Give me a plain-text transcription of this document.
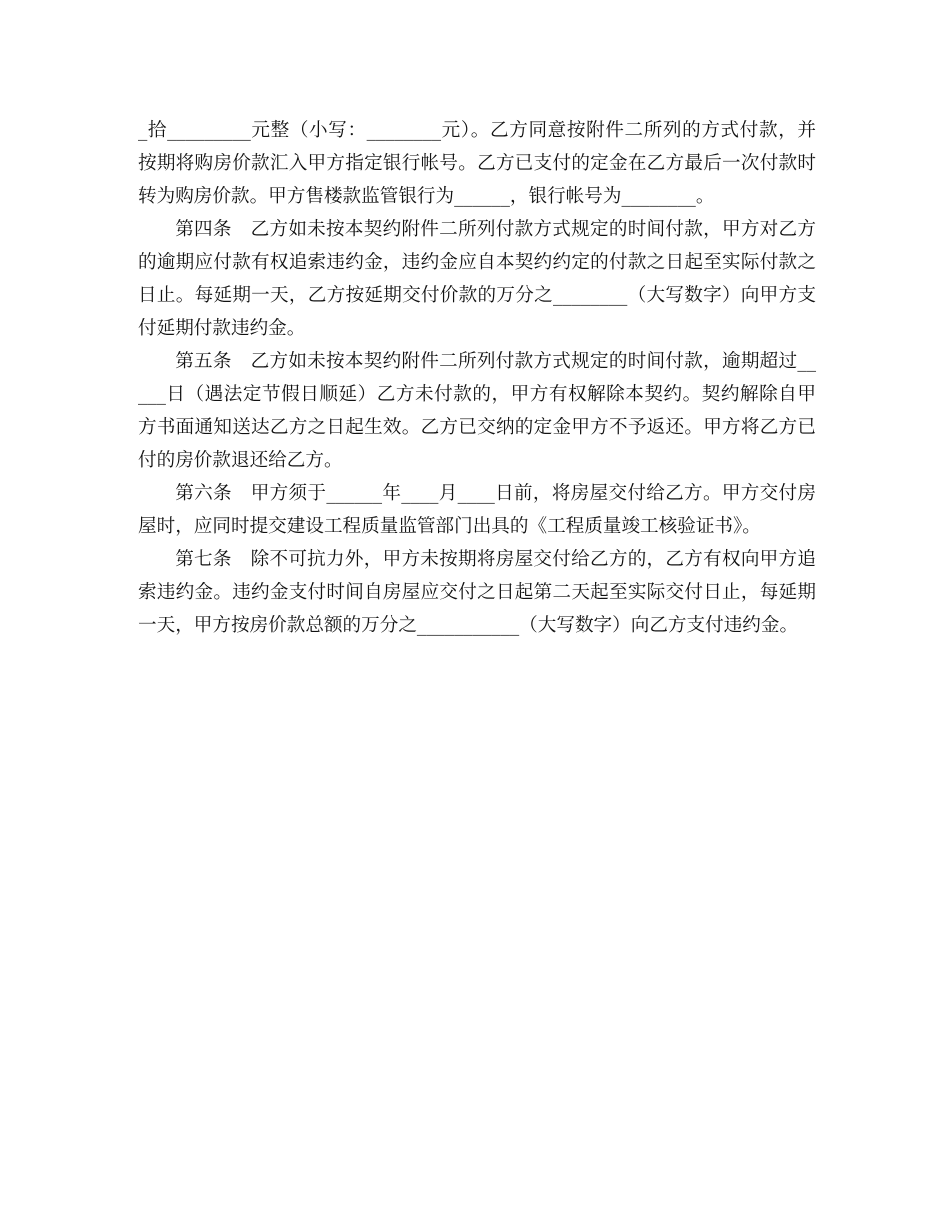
_拾_________元整（小写：________元）。乙方同意按附件二所列的方式付款，并按期将购房价款汇入甲方指定银行帐号。乙方已支付的定金在乙方最后一次付款时转为购房价款。甲方售楼款监管银行为______，银行帐号为________。

第四条　乙方如未按本契约附件二所列付款方式规定的时间付款，甲方对乙方的逾期应付款有权追索违约金，违约金应自本契约约定的付款之日起至实际付款之日止。每延期一天，乙方按延期交付价款的万分之________（大写数字）向甲方支付延期付款违约金。

第五条　乙方如未按本契约附件二所列付款方式规定的时间付款，逾期超过_____日（遇法定节假日顺延）乙方未付款的，甲方有权解除本契约。契约解除自甲方书面通知送达乙方之日起生效。乙方已交纳的定金甲方不予返还。甲方将乙方已付的房价款退还给乙方。

第六条　甲方须于______年____月____日前，将房屋交付给乙方。甲方交付房屋时，应同时提交建设工程质量监管部门出具的《工程质量竣工核验证书》。

第七条　除不可抗力外，甲方未按期将房屋交付给乙方的，乙方有权向甲方追索违约金。违约金支付时间自房屋应交付之日起第二天起至实际交付日止，每延期一天，甲方按房价款总额的万分之___________（大写数字）向乙方支付违约金。
